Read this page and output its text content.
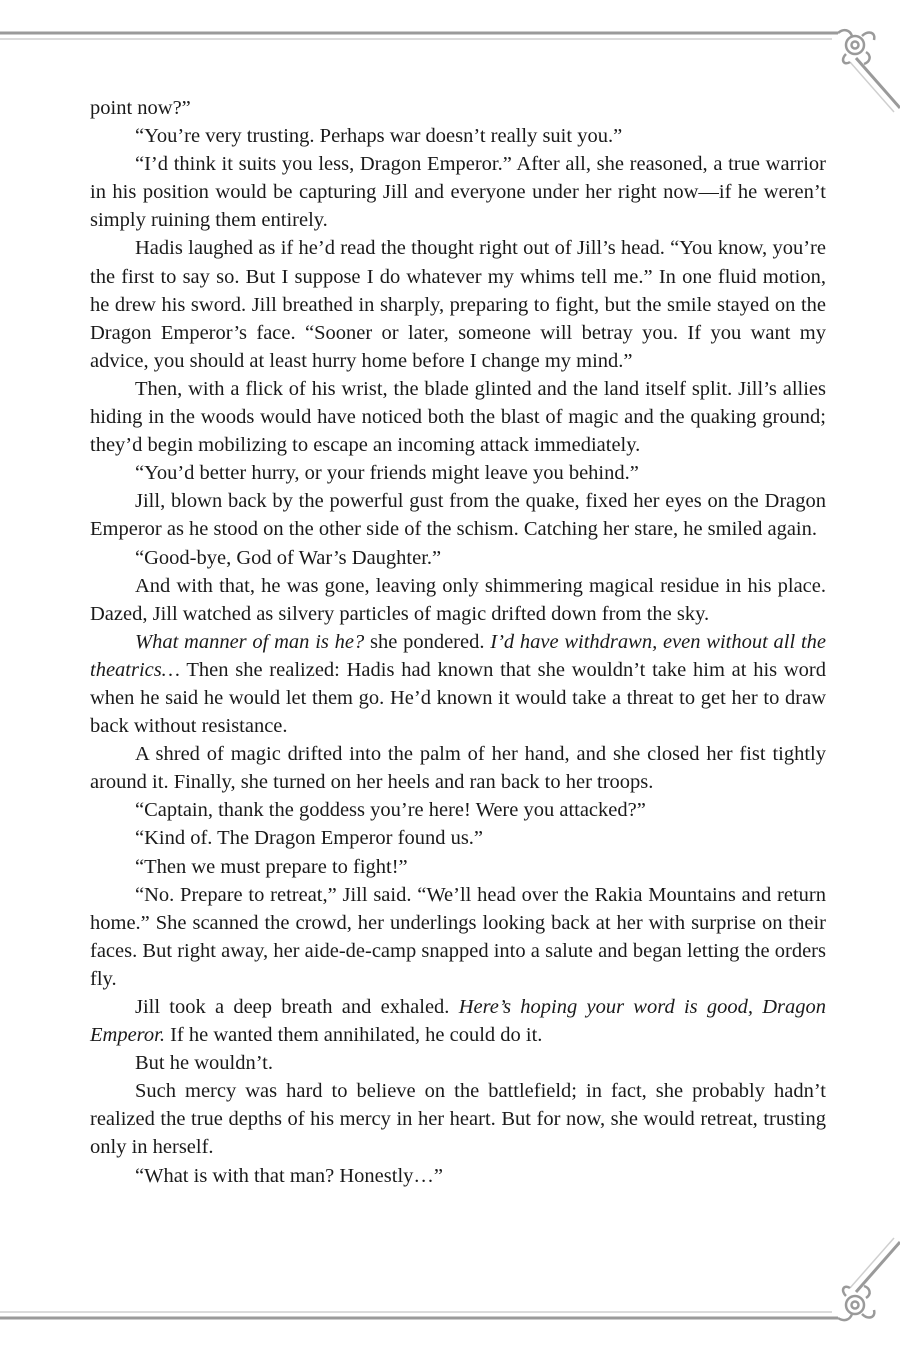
point now?”

“You’re very trusting. Perhaps war doesn’t really suit you.”

“I’d think it suits you less, Dragon Emperor.” After all, she reasoned, a true warrior in his position would be capturing Jill and everyone under her right now—if he weren’t simply ruining them entirely.

Hadis laughed as if he’d read the thought right out of Jill’s head. “You know, you’re the first to say so. But I suppose I do whatever my whims tell me.” In one fluid motion, he drew his sword. Jill breathed in sharply, preparing to fight, but the smile stayed on the Dragon Emperor’s face. “Sooner or later, someone will betray you. If you want my advice, you should at least hurry home before I change my mind.”

Then, with a flick of his wrist, the blade glinted and the land itself split. Jill’s allies hiding in the woods would have noticed both the blast of magic and the quaking ground; they’d begin mobilizing to escape an incoming attack immediately.

“You’d better hurry, or your friends might leave you behind.”

Jill, blown back by the powerful gust from the quake, fixed her eyes on the Dragon Emperor as he stood on the other side of the schism. Catching her stare, he smiled again.

“Good-bye, God of War’s Daughter.”

And with that, he was gone, leaving only shimmering magical residue in his place. Dazed, Jill watched as silvery particles of magic drifted down from the sky.

What manner of man is he? she pondered. I’d have withdrawn, even without all the theatrics… Then she realized: Hadis had known that she wouldn’t take him at his word when he said he would let them go. He’d known it would take a threat to get her to draw back without resistance.

A shred of magic drifted into the palm of her hand, and she closed her fist tightly around it. Finally, she turned on her heels and ran back to her troops.

“Captain, thank the goddess you’re here! Were you attacked?”

“Kind of. The Dragon Emperor found us.”

“Then we must prepare to fight!”

“No. Prepare to retreat,” Jill said. “We’ll head over the Rakia Mountains and return home.” She scanned the crowd, her underlings looking back at her with surprise on their faces. But right away, her aide-de-camp snapped into a salute and began letting the orders fly.

Jill took a deep breath and exhaled. Here’s hoping your word is good, Dragon Emperor. If he wanted them annihilated, he could do it.

But he wouldn’t.

Such mercy was hard to believe on the battlefield; in fact, she probably hadn’t realized the true depths of his mercy in her heart. But for now, she would retreat, trusting only in herself.

“What is with that man? Honestly…”
